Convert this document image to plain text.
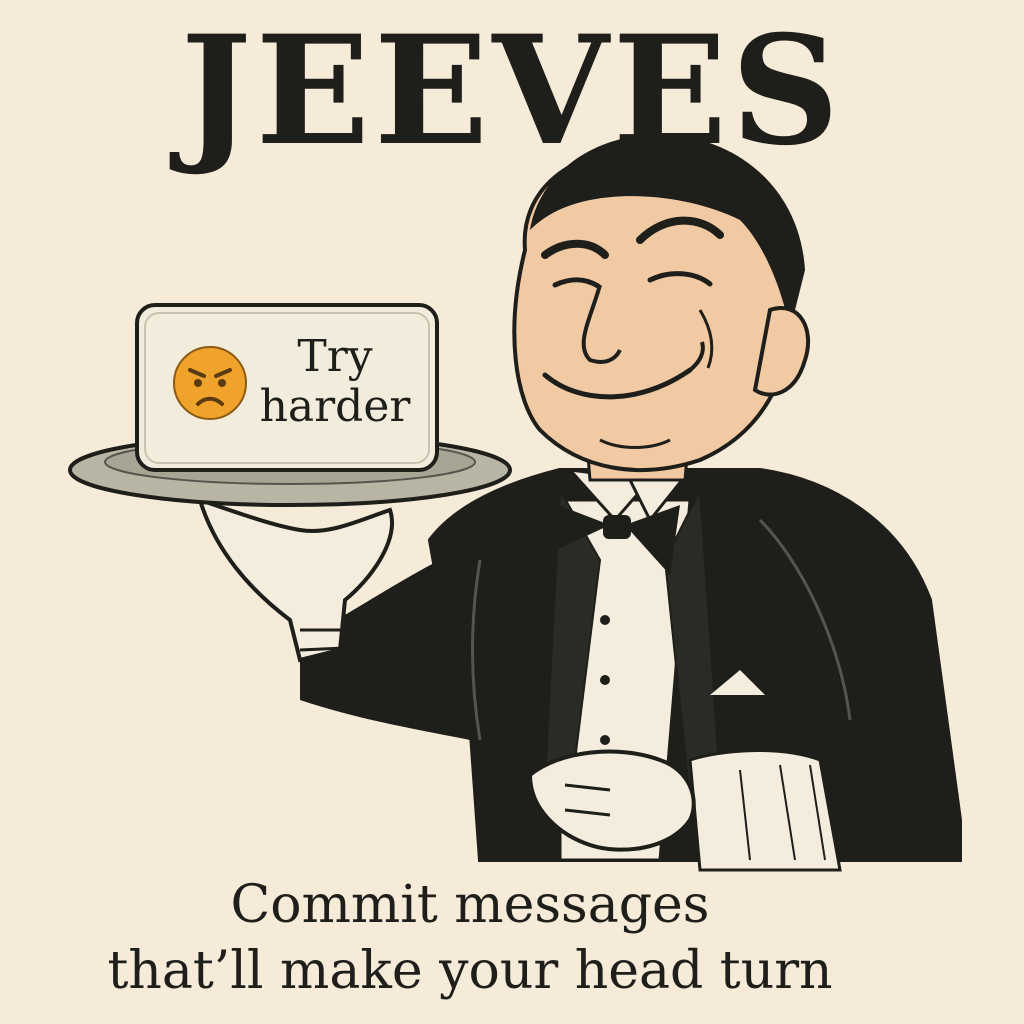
JEEVES
Try
harder
Commit messages
that’ll make your head turn
